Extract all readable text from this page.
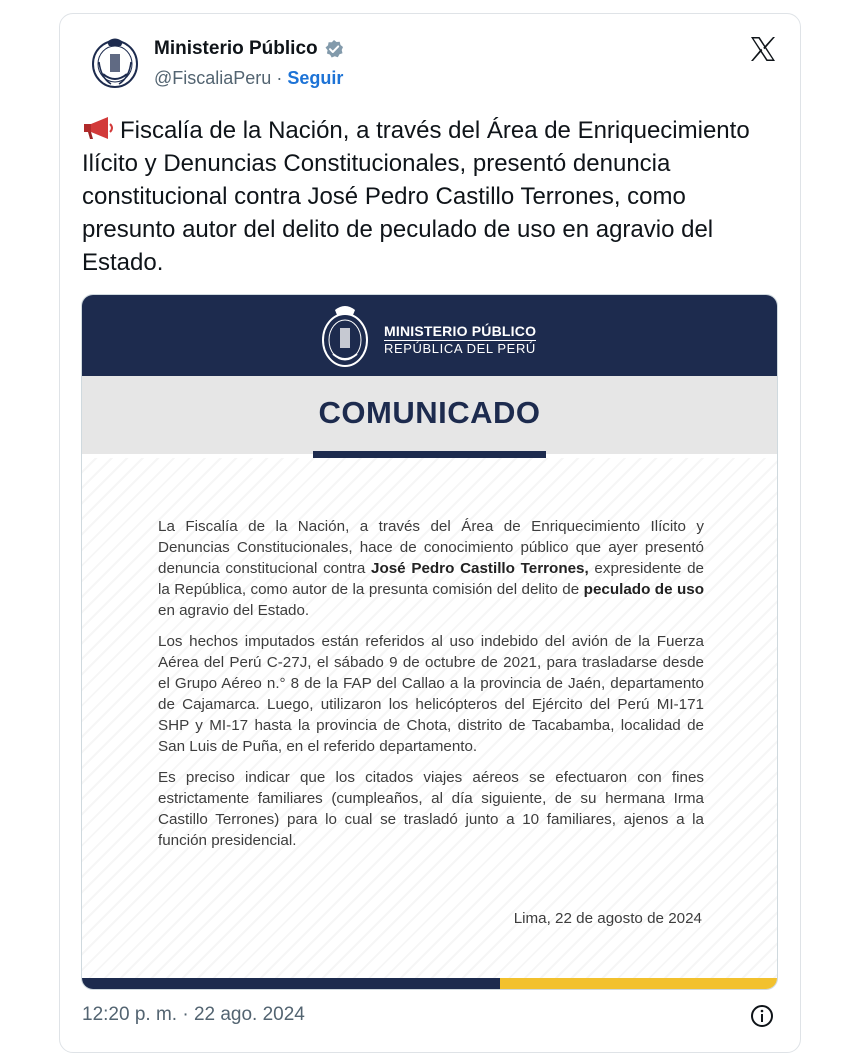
Ministerio Público
@FiscaliaPeru · Seguir
Fiscalía de la Nación, a través del Área de Enriquecimiento Ilícito y Denuncias Constitucionales, presentó denuncia constitucional contra José Pedro Castillo Terrones, como presunto autor del delito de peculado de uso en agravio del Estado.
12:20 p. m. · 22 ago. 2024
MINISTERIO PÚBLICO
REPÚBLICA DEL PERÚ
COMUNICADO

La Fiscalía de la Nación, a través del Área de Enriquecimiento Ilícito y Denuncias Constitucionales, hace de conocimiento público que ayer presentó denuncia constitucional contra José Pedro Castillo Terrones, expresidente de la República, como autor de la presunta comisión del delito de peculado de uso en agravio del Estado.

Los hechos imputados están referidos al uso indebido del avión de la Fuerza Aérea del Perú C-27J, el sábado 9 de octubre de 2021, para trasladarse desde el Grupo Aéreo n.° 8 de la FAP del Callao a la provincia de Jaén, departamento de Cajamarca. Luego, utilizaron los helicópteros del Ejército del Perú MI-171 SHP y MI-17 hasta la provincia de Chota, distrito de Tacabamba, localidad de San Luis de Puña, en el referido departamento.

Es preciso indicar que los citados viajes aéreos se efectuaron con fines estrictamente familiares (cumpleaños, al día siguiente, de su hermana Irma Castillo Terrones) para lo cual se trasladó junto a 10 familiares, ajenos a la función presidencial.

Lima, 22 de agosto de 2024
